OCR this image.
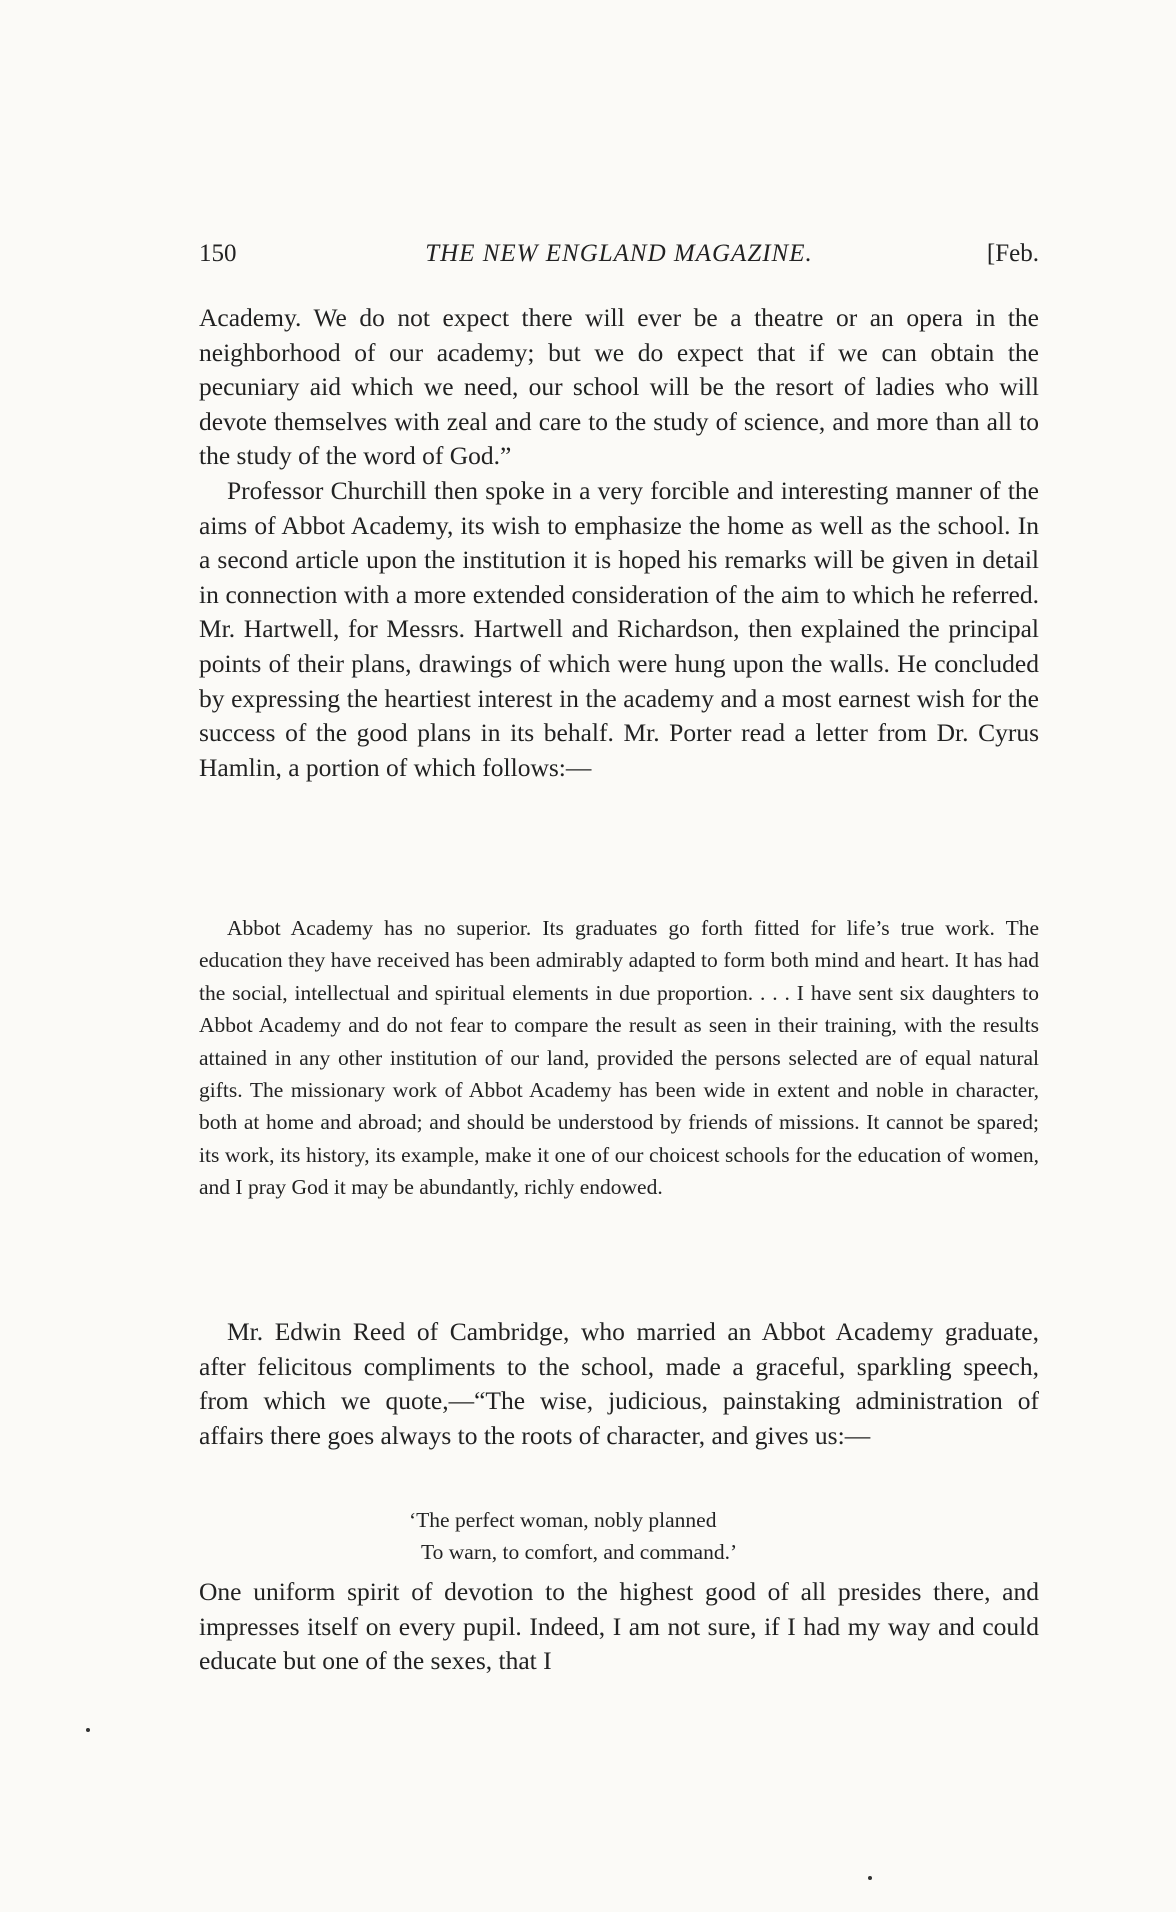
150	THE NEW ENGLAND MAGAZINE.	[Feb.

Academy. We do not expect there will ever be a theatre or an opera in the neighborhood of our academy; but we do expect that if we can obtain the pecuniary aid which we need, our school will be the resort of ladies who will devote themselves with zeal and care to the study of science, and more than all to the study of the word of God.”

Professor Churchill then spoke in a very forcible and interesting manner of the aims of Abbot Academy, its wish to emphasize the home as well as the school. In a second article upon the institution it is hoped his remarks will be given in detail in connection with a more extended consideration of the aim to which he referred. Mr. Hartwell, for Messrs. Hartwell and Richardson, then explained the principal points of their plans, drawings of which were hung upon the walls. He concluded by expressing the heartiest interest in the academy and a most earnest wish for the success of the good plans in its behalf. Mr. Porter read a letter from Dr. Cyrus Hamlin, a portion of which follows:—

Abbot Academy has no superior. Its graduates go forth fitted for life’s true work. The education they have received has been admirably adapted to form both mind and heart. It has had the social, intellectual and spiritual elements in due proportion. . . . I have sent six daughters to Abbot Academy and do not fear to compare the result as seen in their training, with the results attained in any other institution of our land, provided the persons selected are of equal natural gifts. The missionary work of Abbot Academy has been wide in extent and noble in character, both at home and abroad; and should be understood by friends of missions. It cannot be spared; its work, its history, its example, make it one of our choicest schools for the education of women, and I pray God it may be abundantly, richly endowed.

Mr. Edwin Reed of Cambridge, who married an Abbot Academy graduate, after felicitous compliments to the school, made a graceful, sparkling speech, from which we quote,—“The wise, judicious, painstaking administration of affairs there goes always to the roots of character, and gives us:—

‘The perfect woman, nobly planned
To warn, to comfort, and command.’

One uniform spirit of devotion to the highest good of all presides there, and impresses itself on every pupil. Indeed, I am not sure, if I had my way and could educate but one of the sexes, that I
